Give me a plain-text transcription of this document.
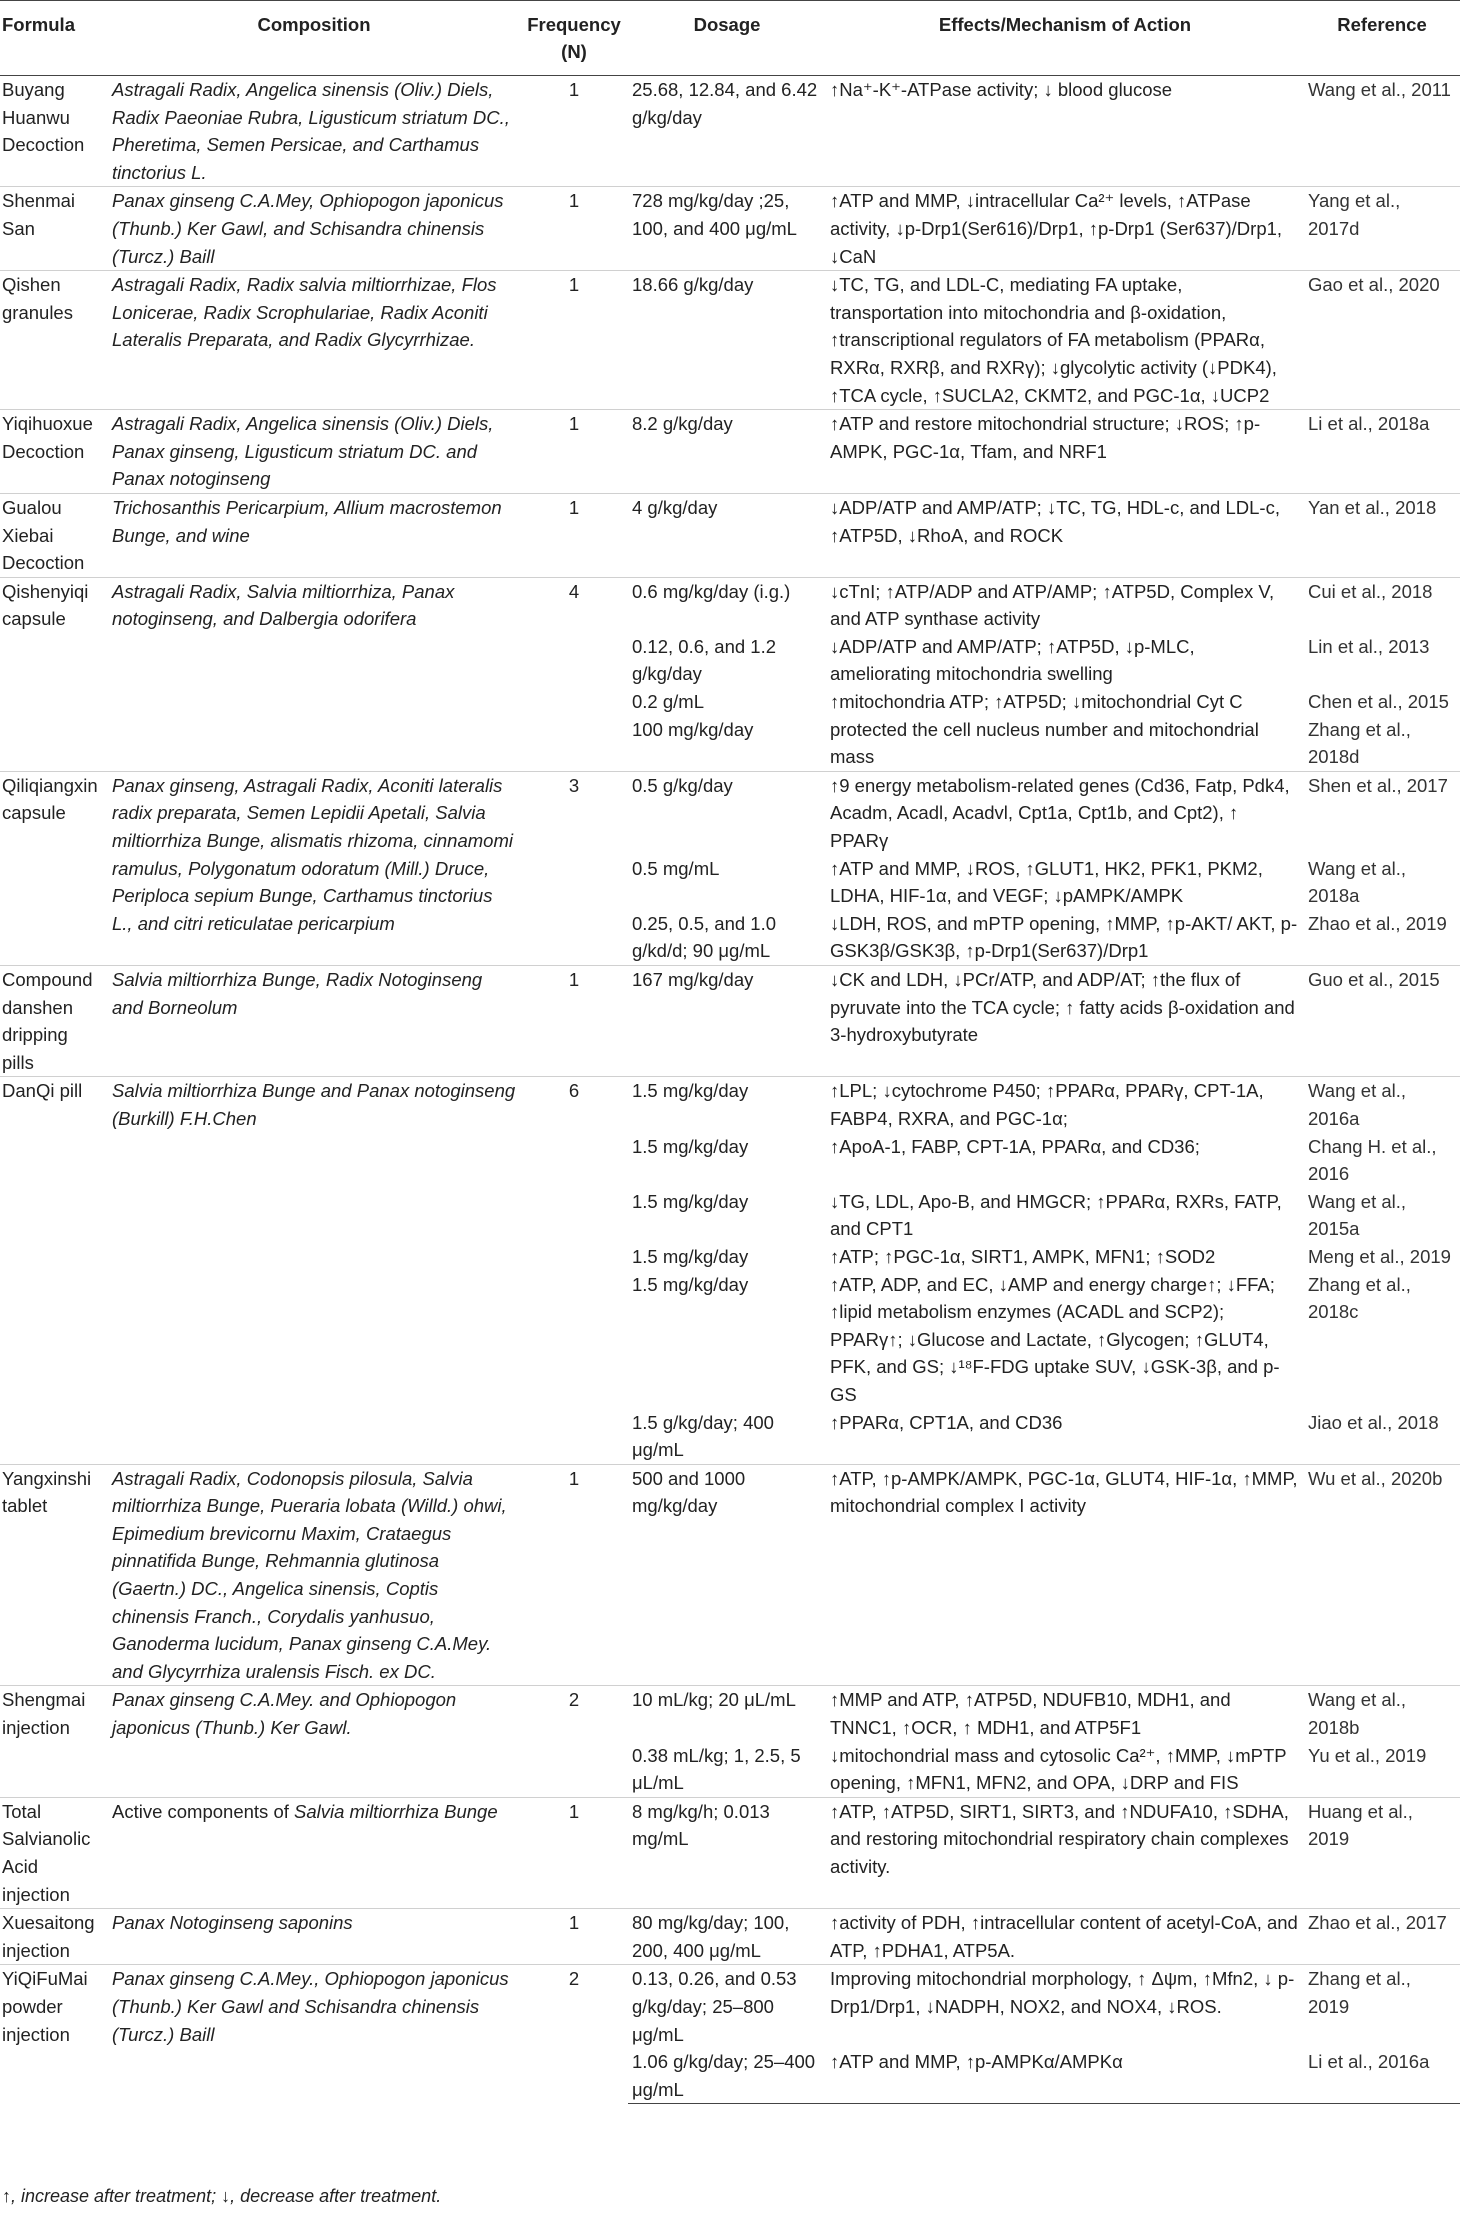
Formula	Composition	Frequency (N)	Dosage	Effects/Mechanism of Action	Reference
Buyang Huanwu Decoction	Astragali Radix, Angelica sinensis (Oliv.) Diels, Radix Paeoniae Rubra, Ligusticum striatum DC., Pheretima, Semen Persicae, and Carthamus tinctorius L.	1	25.68, 12.84, and 6.42 g/kg/day	↑Na⁺-K⁺-ATPase activity; ↓ blood glucose	Wang et al., 2011
Shenmai San	Panax ginseng C.A.Mey, Ophiopogon japonicus (Thunb.) Ker Gawl, and Schisandra chinensis (Turcz.) Baill	1	728 mg/kg/day ;25, 100, and 400 μg/mL	↑ATP and MMP, ↓intracellular Ca²⁺ levels, ↑ATPase activity, ↓p-Drp1(Ser616)/Drp1, ↑p-Drp1 (Ser637)/Drp1, ↓CaN	Yang et al., 2017d
Qishen granules	Astragali Radix, Radix salvia miltiorrhizae, Flos Lonicerae, Radix Scrophulariae, Radix Aconiti Lateralis Preparata, and Radix Glycyrrhizae.	1	18.66 g/kg/day	↓TC, TG, and LDL-C, mediating FA uptake, transportation into mitochondria and β-oxidation, ↑transcriptional regulators of FA metabolism (PPARα, RXRα, RXRβ, and RXRγ); ↓glycolytic activity (↓PDK4), ↑TCA cycle, ↑SUCLA2, CKMT2, and PGC-1α, ↓UCP2	Gao et al., 2020
Yiqihuoxue Decoction	Astragali Radix, Angelica sinensis (Oliv.) Diels, Panax ginseng, Ligusticum striatum DC. and Panax notoginseng	1	8.2 g/kg/day	↑ATP and restore mitochondrial structure; ↓ROS; ↑p-AMPK, PGC-1α, Tfam, and NRF1	Li et al., 2018a
Gualou Xiebai Decoction	Trichosanthis Pericarpium, Allium macrostemon Bunge, and wine	1	4 g/kg/day	↓ADP/ATP and AMP/ATP; ↓TC, TG, HDL-c, and LDL-c, ↑ATP5D, ↓RhoA, and ROCK	Yan et al., 2018
Qishenyiqi capsule	Astragali Radix, Salvia miltiorrhiza, Panax notoginseng, and Dalbergia odorifera	4	0.6 mg/kg/day (i.g.)	↓cTnI; ↑ATP/ADP and ATP/AMP; ↑ATP5D, Complex V, and ATP synthase activity	Cui et al., 2018
			0.12, 0.6, and 1.2 g/kg/day	↓ADP/ATP and AMP/ATP; ↑ATP5D, ↓p-MLC, ameliorating mitochondria swelling	Lin et al., 2013
			0.2 g/mL	↑mitochondria ATP; ↑ATP5D; ↓mitochondrial Cyt C	Chen et al., 2015
			100 mg/kg/day	protected the cell nucleus number and mitochondrial mass	Zhang et al., 2018d
Qiliqiangxin capsule	Panax ginseng, Astragali Radix, Aconiti lateralis radix preparata, Semen Lepidii Apetali, Salvia miltiorrhiza Bunge, alismatis rhizoma, cinnamomi ramulus, Polygonatum odoratum (Mill.) Druce, Periploca sepium Bunge, Carthamus tinctorius L., and citri reticulatae pericarpium	3	0.5 g/kg/day	↑9 energy metabolism-related genes (Cd36, Fatp, Pdk4, Acadm, Acadl, Acadvl, Cpt1a, Cpt1b, and Cpt2), ↑ PPARγ	Shen et al., 2017
			0.5 mg/mL	↑ATP and MMP, ↓ROS, ↑GLUT1, HK2, PFK1, PKM2, LDHA, HIF-1α, and VEGF; ↓pAMPK/AMPK	Wang et al., 2018a
			0.25, 0.5, and 1.0 g/kd/d; 90 μg/mL	↓LDH, ROS, and mPTP opening, ↑MMP, ↑p-AKT/ AKT, p-GSK3β/GSK3β, ↑p-Drp1(Ser637)/Drp1	Zhao et al., 2019
Compound danshen dripping pills	Salvia miltiorrhiza Bunge, Radix Notoginseng and Borneolum	1	167 mg/kg/day	↓CK and LDH, ↓PCr/ATP, and ADP/AT; ↑the flux of pyruvate into the TCA cycle; ↑ fatty acids β-oxidation and 3-hydroxybutyrate	Guo et al., 2015
DanQi pill	Salvia miltiorrhiza Bunge and Panax notoginseng (Burkill) F.H.Chen	6	1.5 mg/kg/day	↑LPL; ↓cytochrome P450; ↑PPARα, PPARγ, CPT-1A, FABP4, RXRA, and PGC-1α;	Wang et al., 2016a
			1.5 mg/kg/day	↑ApoA-1, FABP, CPT-1A, PPARα, and CD36;	Chang H. et al., 2016
			1.5 mg/kg/day	↓TG, LDL, Apo-B, and HMGCR; ↑PPARα, RXRs, FATP, and CPT1	Wang et al., 2015a
			1.5 mg/kg/day	↑ATP; ↑PGC-1α, SIRT1, AMPK, MFN1; ↑SOD2	Meng et al., 2019
			1.5 mg/kg/day	↑ATP, ADP, and EC, ↓AMP and energy charge↑; ↓FFA; ↑lipid metabolism enzymes (ACADL and SCP2); PPARγ↑; ↓Glucose and Lactate, ↑Glycogen; ↑GLUT4, PFK, and GS; ↓¹⁸F-FDG uptake SUV, ↓GSK-3β, and p-GS	Zhang et al., 2018c
			1.5 g/kg/day; 400 μg/mL	↑PPARα, CPT1A, and CD36	Jiao et al., 2018
Yangxinshi tablet	Astragali Radix, Codonopsis pilosula, Salvia miltiorrhiza Bunge, Pueraria lobata (Willd.) ohwi, Epimedium brevicornu Maxim, Crataegus pinnatifida Bunge, Rehmannia glutinosa (Gaertn.) DC., Angelica sinensis, Coptis chinensis Franch., Corydalis yanhusuo, Ganoderma lucidum, Panax ginseng C.A.Mey. and Glycyrrhiza uralensis Fisch. ex DC.	1	500 and 1000 mg/kg/day	↑ATP, ↑p-AMPK/AMPK, PGC-1α, GLUT4, HIF-1α, ↑MMP, mitochondrial complex I activity	Wu et al., 2020b
Shengmai injection	Panax ginseng C.A.Mey. and Ophiopogon japonicus (Thunb.) Ker Gawl.	2	10 mL/kg; 20 μL/mL	↑MMP and ATP, ↑ATP5D, NDUFB10, MDH1, and TNNC1, ↑OCR, ↑ MDH1, and ATP5F1	Wang et al., 2018b
			0.38 mL/kg; 1, 2.5, 5 μL/mL	↓mitochondrial mass and cytosolic Ca²⁺, ↑MMP, ↓mPTP opening, ↑MFN1, MFN2, and OPA, ↓DRP and FIS	Yu et al., 2019
Total Salvianolic Acid injection	Active components of Salvia miltiorrhiza Bunge	1	8 mg/kg/h; 0.013 mg/mL	↑ATP, ↑ATP5D, SIRT1, SIRT3, and ↑NDUFA10, ↑SDHA, and restoring mitochondrial respiratory chain complexes activity.	Huang et al., 2019
Xuesaitong injection	Panax Notoginseng saponins	1	80 mg/kg/day; 100, 200, 400 μg/mL	↑activity of PDH, ↑intracellular content of acetyl-CoA, and ATP, ↑PDHA1, ATP5A.	Zhao et al., 2017
YiQiFuMai powder injection	Panax ginseng C.A.Mey., Ophiopogon japonicus (Thunb.) Ker Gawl and Schisandra chinensis (Turcz.) Baill	2	0.13, 0.26, and 0.53 g/kg/day; 25–800 μg/mL	Improving mitochondrial morphology, ↑ Δψm, ↑Mfn2, ↓ p-Drp1/Drp1, ↓NADPH, NOX2, and NOX4, ↓ROS.	Zhang et al., 2019
			1.06 g/kg/day; 25–400 μg/mL	↑ATP and MMP, ↑p-AMPKα/AMPKα	Li et al., 2016a
↑, increase after treatment; ↓, decrease after treatment.
